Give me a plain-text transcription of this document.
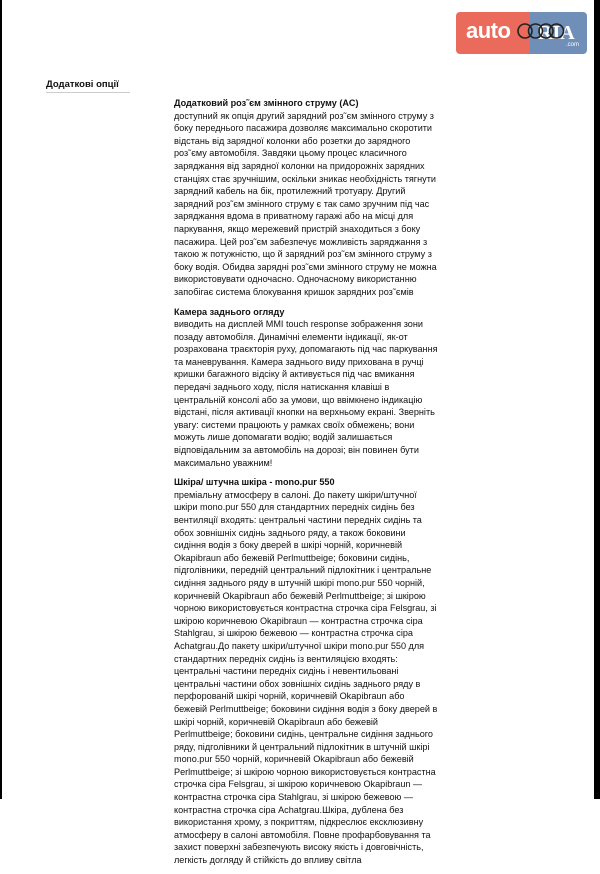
auto RIA
.com
Додаткові опції
Додатковий роз˜єм змінного струму (AC)
доступний як опція другий зарядний роз˜єм змінного струму з боку переднього пасажира дозволяє максимально скоротити відстань від зарядної колонки або розетки до зарядного роз˜єму автомобіля. Завдяки цьому процес класичного заряджання від зарядної колонки на придорожніх зарядних станціях стає зручнішим, оскільки зникає необхідність тягнути зарядний кабель на бік, протилежний тротуару. Другий зарядний роз˜єм змінного струму є так само зручним під час заряджання вдома в приватному гаражі або на місці для паркування, якщо мережевий пристрій знаходиться з боку пасажира. Цей роз˜єм забезпечує можливість заряджання з такою ж потужністю, що й зарядний роз˜єм змінного струму з боку водія. Обидва зарядні роз˜єми змінного струму не можна використовувати одночасно. Одночасному використанню запобігає система блокування кришок зарядних роз˜ємів
Камера заднього огляду
виводить на дисплей MMI touch response зображення зони позаду автомобіля. Динамічні елементи індикації, як-от розрахована траєкторія руху, допомагають під час паркування та маневрування. Камера заднього виду прихована в ручці кришки багажного відсіку й активується під час вмикання передачі заднього ходу, після натискання клавіші в центральній консолі або за умови, що ввімкнено індикацію відстані, після активації кнопки на верхньому екрані. Зверніть увагу: системи працюють у рамках своїх обмежень; вони можуть лише допомагати водію; водій залишається відповідальним за автомобіль на дорозі; він повинен бути максимально уважним!
Шкіра/ штучна шкіра - mono.pur 550
преміальну атмосферу в салоні. До пакету шкіри/штучної шкіри mono.pur 550 для стандартних передніх сидінь без вентиляції входять: центральні частини передніх сидінь та обох зовнішніх сидінь заднього ряду, а також боковини сидіння водія з боку дверей в шкірі чорній, коричневій Okapibraun або бежевій Perlmuttbeige; боковини сидінь, підголівники, передній центральний підлокітник і центральне сидіння заднього ряду в штучній шкірі mono.pur 550 чорній, коричневій Okapibraun або бежевій Perlmuttbeige; зі шкірою чорною використовується контрастна строчка сіра Felsgrau, зі шкірою коричневою Okapibraun — контрастна строчка сіра Stahlgrau, зі шкірою бежевою — контрастна строчка сіра Achatgrau.До пакету шкіри/штучної шкіри mono.pur 550 для стандартних передніх сидінь із вентиляцією входять: центральні частини передніх сидінь і невентильовані центральні частини обох зовнішніх сидінь заднього ряду в перфорованій шкірі чорній, коричневій Okapibraun або бежевій Perlmuttbeige; боковини сидіння водія з боку дверей в шкірі чорній, коричневій Okapibraun або бежевій Perlmuttbeige; боковини сидінь, центральне сидіння заднього ряду, підголівники й центральний підлокітник в штучній шкірі mono.pur 550 чорній, коричневій Okapibraun або бежевій Perlmuttbeige; зі шкірою чорною використовується контрастна строчка сіра Felsgrau, зі шкірою коричневою Okapibraun — контрастна строчка сіра Stahlgrau, зі шкірою бежевою — контрастна строчка сіра Achatgrau.Шкіра, дублена без використання хрому, з покриттям, підкреслює ексклюзивну атмосферу в салоні автомобіля. Повне профарбовування та захист поверхні забезпечують високу якість і довговічність, легкість догляду й стійкість до впливу світла
